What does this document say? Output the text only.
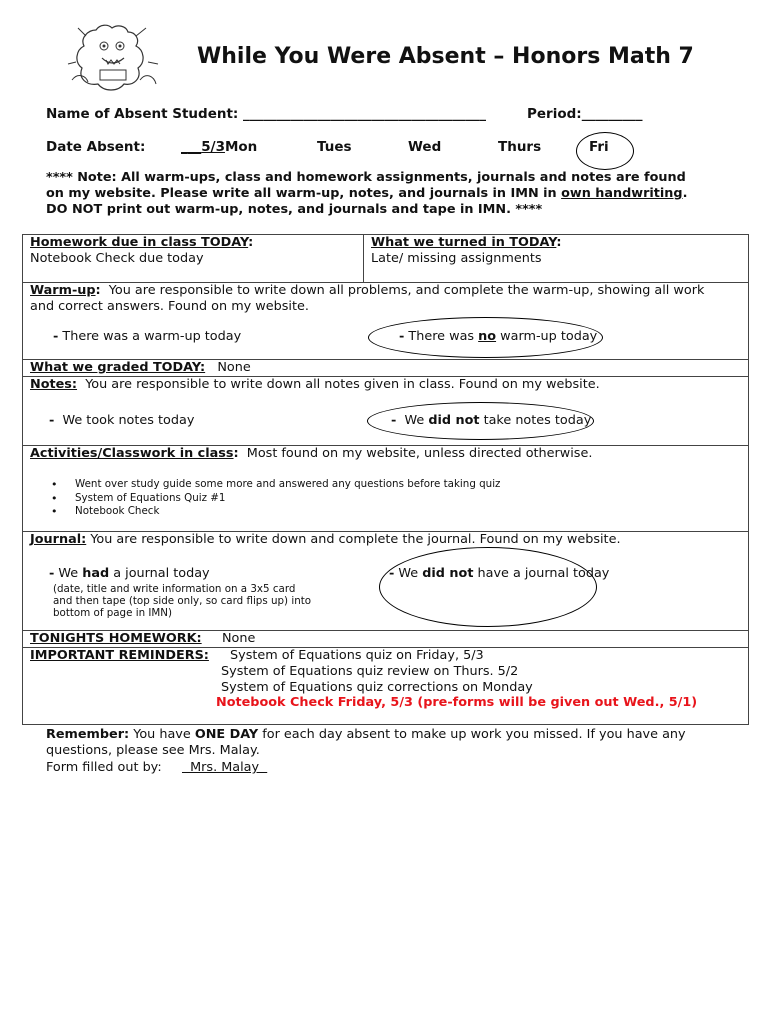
While You Were Absent – Honors Math 7
Name of Absent Student: ____________________________________	Period:_________
Date Absent:	___5/3Mon	Tues	Wed	Thurs	Fri
**** Note: All warm-ups, class and homework assignments, journals and notes are found
on my website. Please write all warm-up, notes, and journals in IMN in own handwriting.
DO NOT print out warm-up, notes, and journals and tape in IMN. ****
Homework due in class TODAY:
Notebook Check due today
What we turned in TODAY:
Late/ missing assignments
Warm-up: You are responsible to write down all problems, and complete the warm-up, showing all work
and correct answers. Found on my website.
- There was a warm-up today	- There was no warm-up today
What we graded TODAY: None
Notes: You are responsible to write down all notes given in class. Found on my website.
- We took notes today	- We did not take notes today
Activities/Classwork in class: Most found on my website, unless directed otherwise.
• Went over study guide some more and answered any questions before taking quiz
• System of Equations Quiz #1
• Notebook Check
Journal: You are responsible to write down and complete the journal. Found on my website.
- We had a journal today
(date, title and write information on a 3x5 card
and then tape (top side only, so card flips up) into
bottom of page in IMN)
- We did not have a journal today
TONIGHTS HOMEWORK: None
IMPORTANT REMINDERS: System of Equations quiz on Friday, 5/3
System of Equations quiz review on Thurs. 5/2
System of Equations quiz corrections on Monday
Notebook Check Friday, 5/3 (pre-forms will be given out Wed., 5/1)
Remember: You have ONE DAY for each day absent to make up work you missed. If you have any
questions, please see Mrs. Malay.
Form filled out by:       Mrs. Malay
